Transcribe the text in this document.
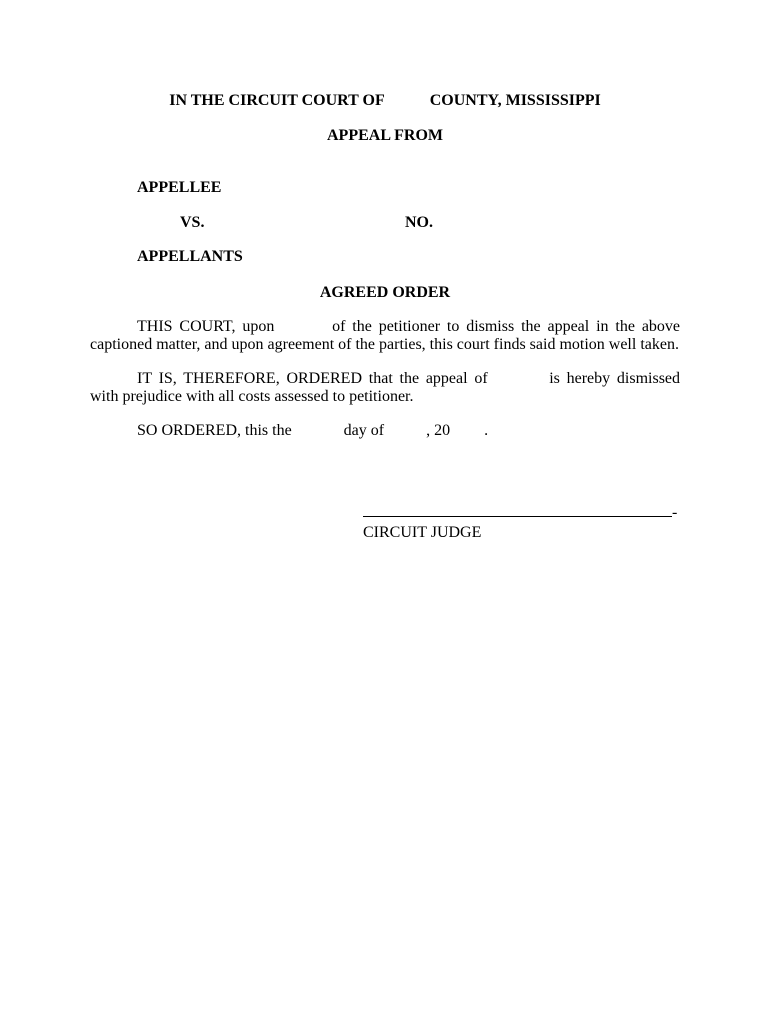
IN THE CIRCUIT COURT OF	COUNTY, MISSISSIPPI
APPEAL FROM
APPELLEE
VS.	NO.
APPELLANTS
AGREED ORDER

THIS COURT, upon	of the petitioner to dismiss the appeal in the above captioned matter, and upon agreement of the parties, this court finds said motion well taken.

IT IS, THEREFORE, ORDERED that the appeal of	is hereby dismissed with prejudice with all costs assessed to petitioner.

SO ORDERED, this the	day of	, 20 .

-
CIRCUIT JUDGE
